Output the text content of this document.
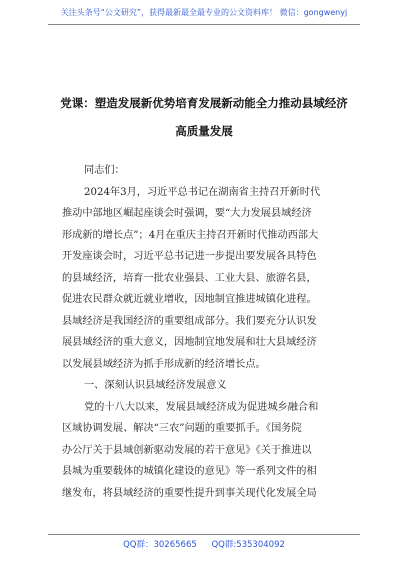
关注头条号“公文研究”，获得最新最全最专业的公文资料库！ 微信：gongwenyj
党课：塑造发展新优势培育发展新动能全力推动县域经济
高质量发展
同志们：
2024年3月，习近平总书记在湖南省主持召开新时代
推动中部地区崛起座谈会时强调，要“大力发展县域经济
形成新的增长点”；4月在重庆主持召开新时代推动西部大
开发座谈会时，习近平总书记进一步提出要发展各具特色
的县域经济，培育一批农业强县、工业大县、旅游名县，
促进农民群众就近就业增收，因地制宜推进城镇化进程。
县域经济是我国经济的重要组成部分。我们要充分认识发
展县域经济的重大意义，因地制宜地发展和壮大县域经济
以发展县域经济为抓手形成新的经济增长点。
一、深刻认识县域经济发展意义
党的十八大以来，发展县域经济成为促进城乡融合和
区域协调发展、解决“三农”问题的重要抓手。《国务院
办公厅关于县域创新驱动发展的若干意见》《关于推进以
县城为重要载体的城镇化建设的意见》等一系列文件的相
继发布，将县域经济的重要性提升到事关现代化发展全局
QQ群：30265665 QQ群:535304092
